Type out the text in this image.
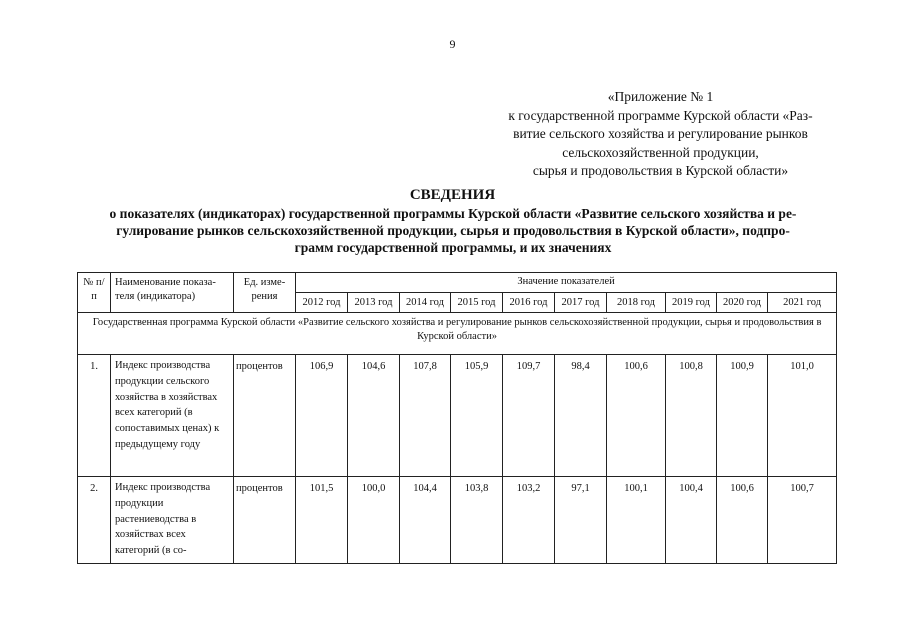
9
«Приложение № 1
к государственной программе Курской области «Раз-
витие сельского хозяйства и регулирование рынков
сельскохозяйственной продукции,
сырья и продовольствия в Курской области»
СВЕДЕНИЯ
о показателях (индикаторах) государственной программы Курской области «Развитие сельского хозяйства и ре-
гулирование рынков сельскохозяйственной продукции, сырья и продовольствия в Курской области», подпро-
грамм государственной программы, и их значениях
№ п/п	Наименование показа-теля (индикатора)	Ед. изме-рения	Значение показателей									
			2012 год	2013 год	2014 год	2015 год	2016 год	2017 год	2018 год	2019 год	2020 год	2021 год
Государственная программа Курской области «Развитие сельского хозяйства и регулирование рынков сельскохозяйственной продукции, сырья и продовольствия в Курской области»												
1.	Индекс производства продукции сельского хозяйства в хозяйствах всех категорий (в сопоставимых ценах) к предыдущему году	процентов	106,9	104,6	107,8	105,9	109,7	98,4	100,6	100,8	100,9	101,0
2.	Индекс производства продукции растениеводства в хозяйствах всех категорий (в со-	процентов	101,5	100,0	104,4	103,8	103,2	97,1	100,1	100,4	100,6	100,7
